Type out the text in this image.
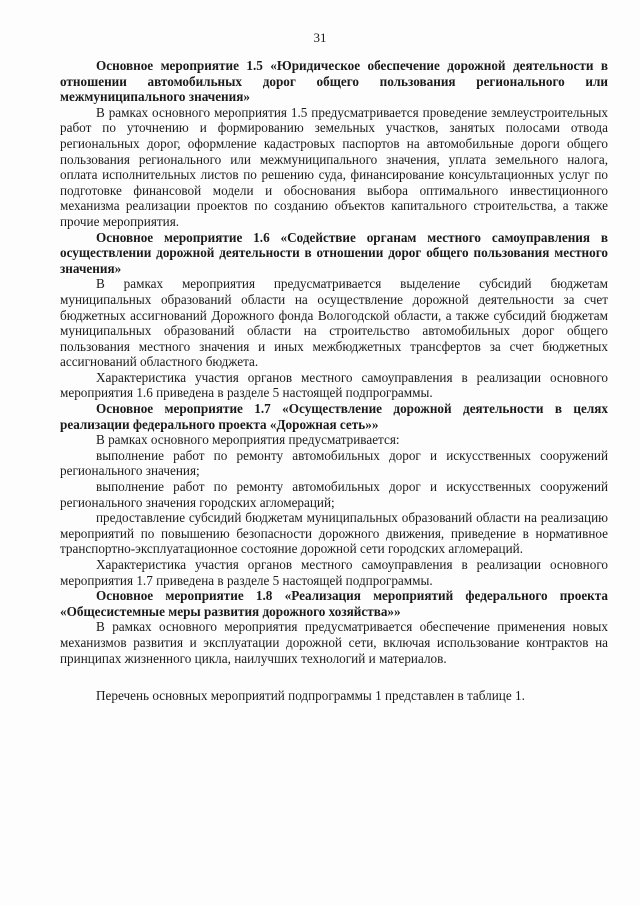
31

Основное мероприятие 1.5 «Юридическое обеспечение дорожной деятельности в отношении автомобильных дорог общего пользования регионального или межмуниципального значения»

В рамках основного мероприятия 1.5 предусматривается проведение землеустроительных работ по уточнению и формированию земельных участков, занятых полосами отвода региональных дорог, оформление кадастровых паспортов на автомобильные дороги общего пользования регионального или межмуниципального значения, уплата земельного налога, оплата исполнительных листов по решению суда, финансирование консультационных услуг по подготовке финансовой модели и обоснования выбора оптимального инвестиционного механизма реализации проектов по созданию объектов капитального строительства, а также прочие мероприятия.

Основное мероприятие 1.6 «Содействие органам местного самоуправления в осуществлении дорожной деятельности в отношении дорог общего пользования местного значения»

В рамках мероприятия предусматривается выделение субсидий бюджетам муниципальных образований области на осуществление дорожной деятельности за счет бюджетных ассигнований Дорожного фонда Вологодской области, а также субсидий бюджетам муниципальных образований области на строительство автомобильных дорог общего пользования местного значения и иных межбюджетных трансфертов за счет бюджетных ассигнований областного бюджета.

Характеристика участия органов местного самоуправления в реализации основного мероприятия 1.6 приведена в разделе 5 настоящей подпрограммы.

Основное мероприятие 1.7 «Осуществление дорожной деятельности в целях реализации федерального проекта «Дорожная сеть»»

В рамках основного мероприятия предусматривается:

выполнение работ по ремонту автомобильных дорог и искусственных сооружений регионального значения;

выполнение работ по ремонту автомобильных дорог и искусственных сооружений регионального значения городских агломераций;

предоставление субсидий бюджетам муниципальных образований области на реализацию мероприятий по повышению безопасности дорожного движения, приведение в нормативное транспортно-эксплуатационное состояние дорожной сети городских агломераций.

Характеристика участия органов местного самоуправления в реализации основного мероприятия 1.7 приведена в разделе 5 настоящей подпрограммы.

Основное мероприятие 1.8 «Реализация мероприятий федерального проекта «Общесистемные меры развития дорожного хозяйства»»

В рамках основного мероприятия предусматривается обеспечение применения новых механизмов развития и эксплуатации дорожной сети, включая использование контрактов на принципах жизненного цикла, наилучших технологий и материалов.

Перечень основных мероприятий подпрограммы 1 представлен в таблице 1.
